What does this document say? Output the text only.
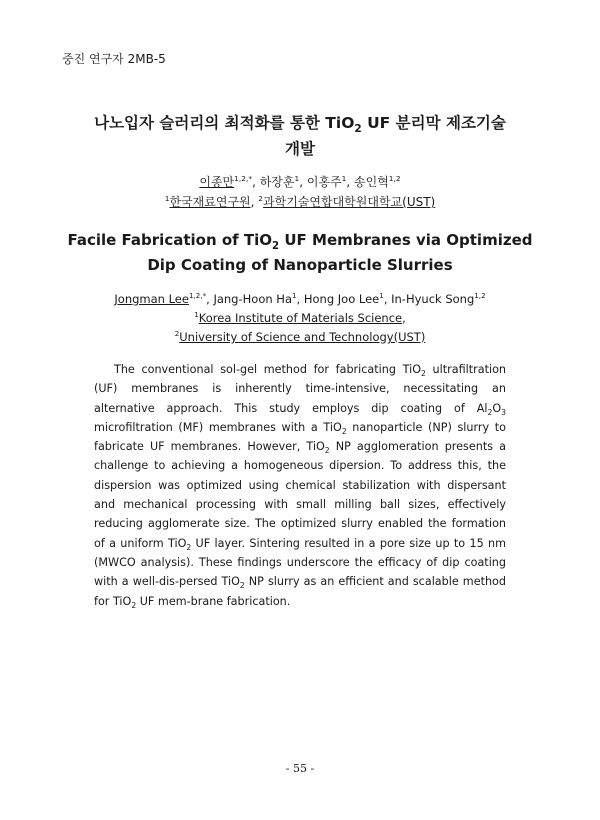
중진 연구자 2MB-5
나노입자 슬러리의 최적화를 통한 TiO$_2$ UF 분리막 제조기술
개발
이종만$^{1,2,*}$, 하장훈$^1$, 이홍주$^1$, 송인혁$^{1,2}$
$^1$한국재료연구원, $^2$과학기술연합대학원대학교(UST)
Facile Fabrication of TiO$_2$ UF Membranes via Optimized
Dip Coating of Nanoparticle Slurries
Jongman Lee$^{1,2,*}$, Jang-Hoon Ha$^1$, Hong Joo Lee$^1$, In-Hyuck Song$^{1,2}$
$^1$Korea Institute of Materials Science,
$^2$University of Science and Technology(UST)
The conventional sol-gel method for fabricating TiO$_2$ ultrafiltration (UF) membranes is inherently time-intensive, necessitating an alternative approach. This study employs dip coating of $Al_2O_3$ microfiltration (MF) membranes with a TiO$_2$ nanoparticle (NP) slurry to fabricate UF membranes. However, TiO$_2$ NP agglomeration presents a challenge to achieving a homogeneous dipersion. To address this, the dispersion was optimized using chemical stabilization with dispersant and mechanical processing with small milling ball sizes, effectively reducing agglomerate size. The optimized slurry enabled the formation of a uniform TiO$_2$ UF layer. Sintering resulted in a pore size up to 15 nm (MWCO analysis). These findings underscore the efficacy of dip coating with a well-dis-persed TiO$_2$ NP slurry as an efficient and scalable method for TiO$_2$ UF mem-brane fabrication.
- 55 -
